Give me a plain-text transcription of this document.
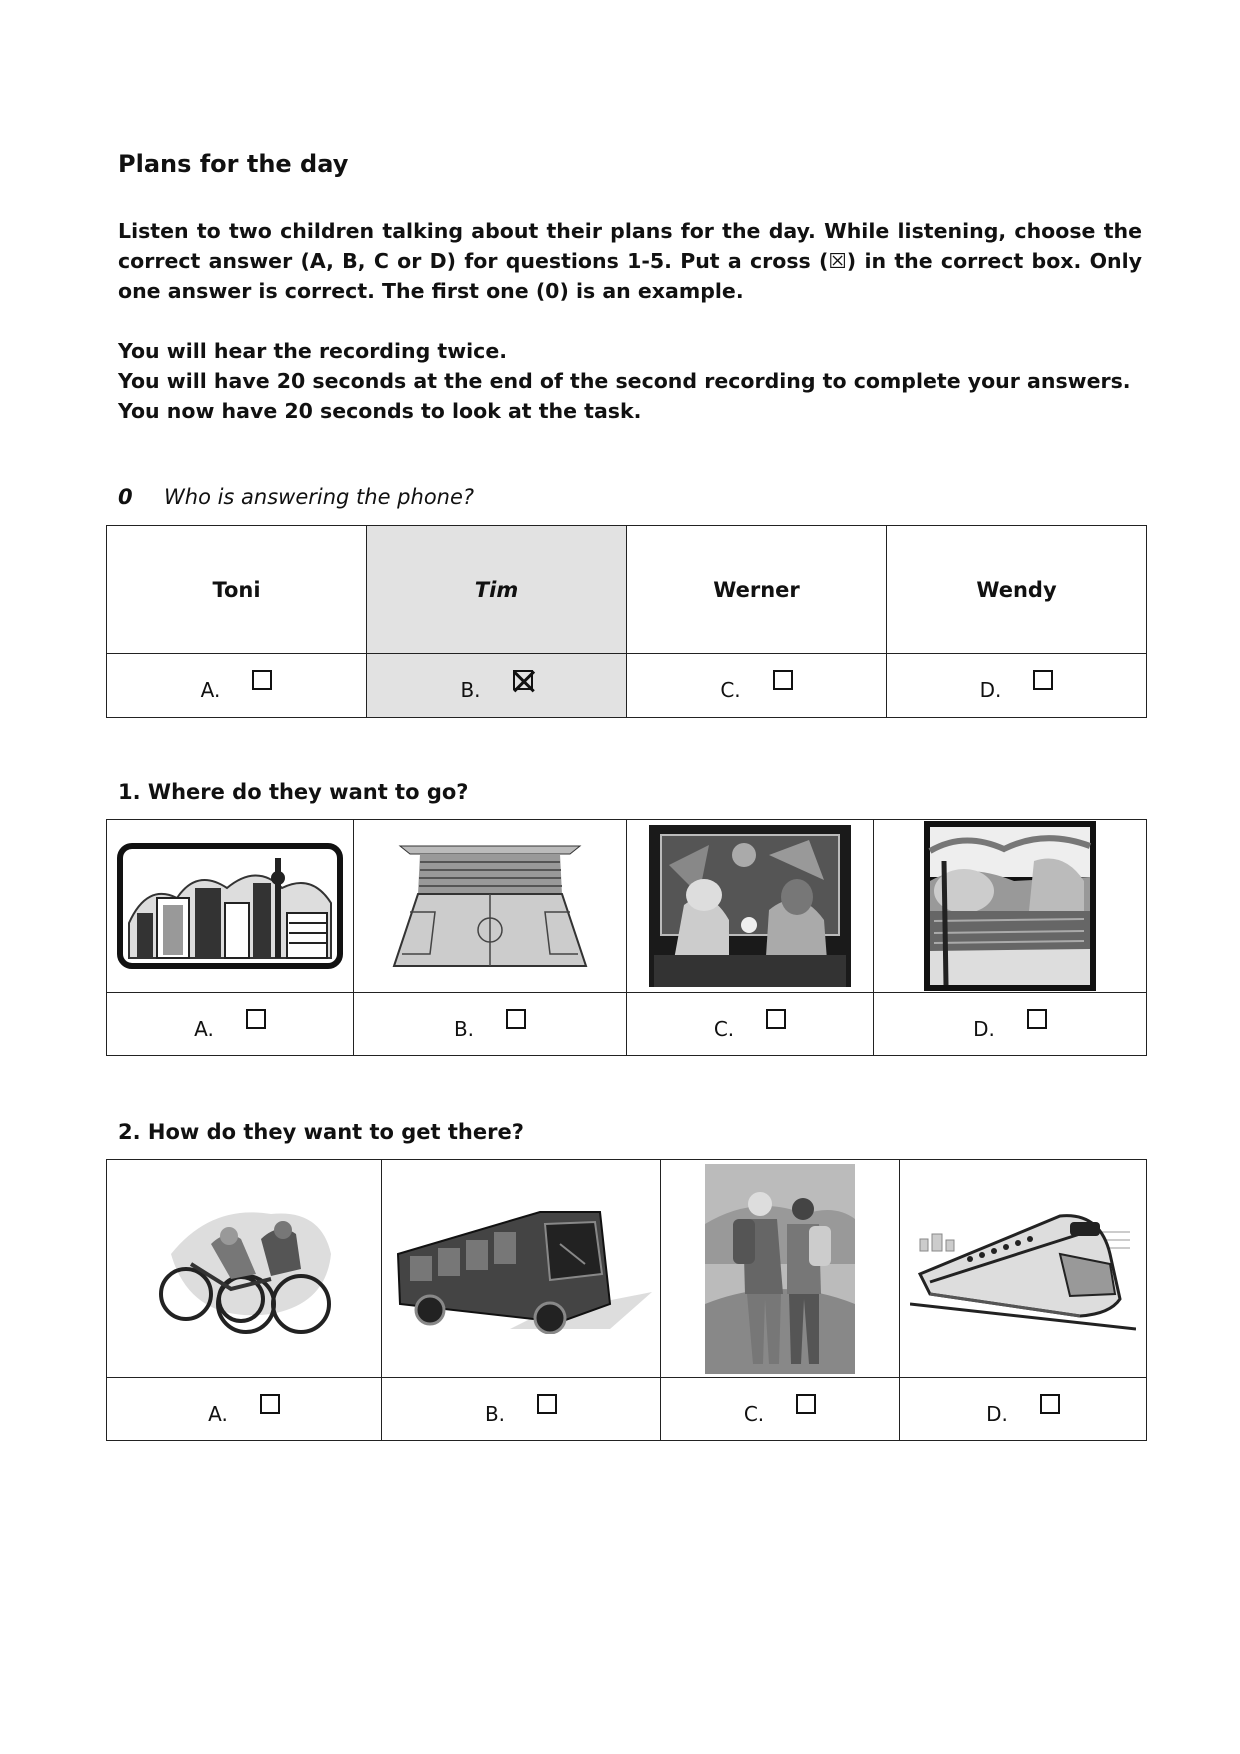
Plans for the day
Listen to two children talking about their plans for the day. While listening, choose the correct answer (A, B, C or D) for questions 1-5. Put a cross (☒) in the correct box. Only one answer is correct. The first one (0) is an example.
You will hear the recording twice.
You will have 20 seconds at the end of the second recording to complete your answers.
You now have 20 seconds to look at the task.
0 Who is answering the phone?
Toni	Tim	Werner	Wendy
A.	B.	C.	D.
1. Where do they want to go?

A.	B.	C.	D.
2. How do they want to get there?

A.	B.	C.	D.
